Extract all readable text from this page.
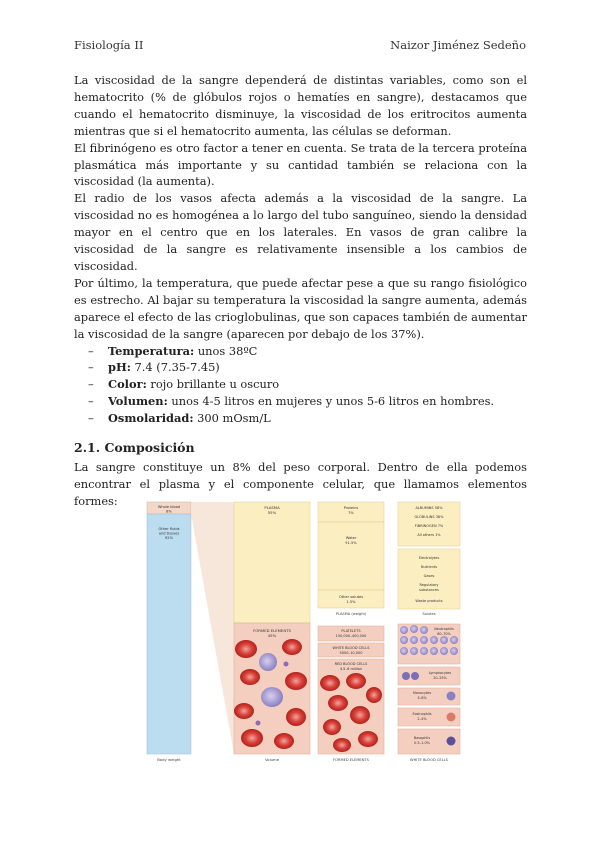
Fisiología II	Naizor Jiménez Sedeño

La viscosidad de la sangre dependerá de distintas variables, como son el hematocrito (% de glóbulos rojos o hematíes en sangre), destacamos que cuando el hematocrito disminuye, la viscosidad de los eritrocitos aumenta mientras que si el hematocrito aumenta, las células se deforman.

El fibrinógeno es otro factor a tener en cuenta. Se trata de la tercera proteína plasmática más importante y su cantidad también se relaciona con la viscosidad (la aumenta).

El radio de los vasos afecta además a la viscosidad de la sangre. La viscosidad no es homogénea a lo largo del tubo sanguíneo, siendo la densidad mayor en el centro que en los laterales. En vasos de gran calibre la viscosidad de la sangre es relativamente insensible a los cambios de viscosidad.

Por último, la temperatura, que puede afectar pese a que su rango fisiológico es estrecho. Al bajar su temperatura la viscosidad la sangre aumenta, además aparece el efecto de las crioglobulinas, que son capaces también de aumentar la viscosidad de la sangre (aparecen por debajo de los 37%).

– Temperatura: unos 38ºC
– pH: 7.4 (7.35-7.45)
– Color: rojo brillante u oscuro
– Volumen: unos 4-5 litros en mujeres y unos 5-6 litros en hombres.
– Osmolaridad: 300 mOsm/L
2.1. Composición

La sangre constituye un 8% del peso corporal. Dentro de ella podemos encontrar el plasma y el componente celular, que llamamos elementos formes:	Whole blood
8%
Other fluids
and tissues
92%
Body weight
PLASMA
55%
FORMED ELEMENTS
45%
Volume
Proteins
7%
Water
91.5%
Other solutes
1.5%
PLASMA (weight)
PLATELETS
150,000–400,000
WHITE BLOOD CELLS
5000–10,000
RED BLOOD CELLS
4.5–6 million
FORMED ELEMENTS
ALBUMINS 58%
GLOBULINS 38%
FIBRINOGEN 7%
All others 1%
Electrolytes
Nutrients
Gases
Regulatory
substances
Waste products
Solutes
Neutrophils
60–70%
Lymphocytes
20–25%
Monocytes
3–8%
Eosinophils
2–4%
Basophils
0.5–1.0%
WHITE BLOOD CELLS
